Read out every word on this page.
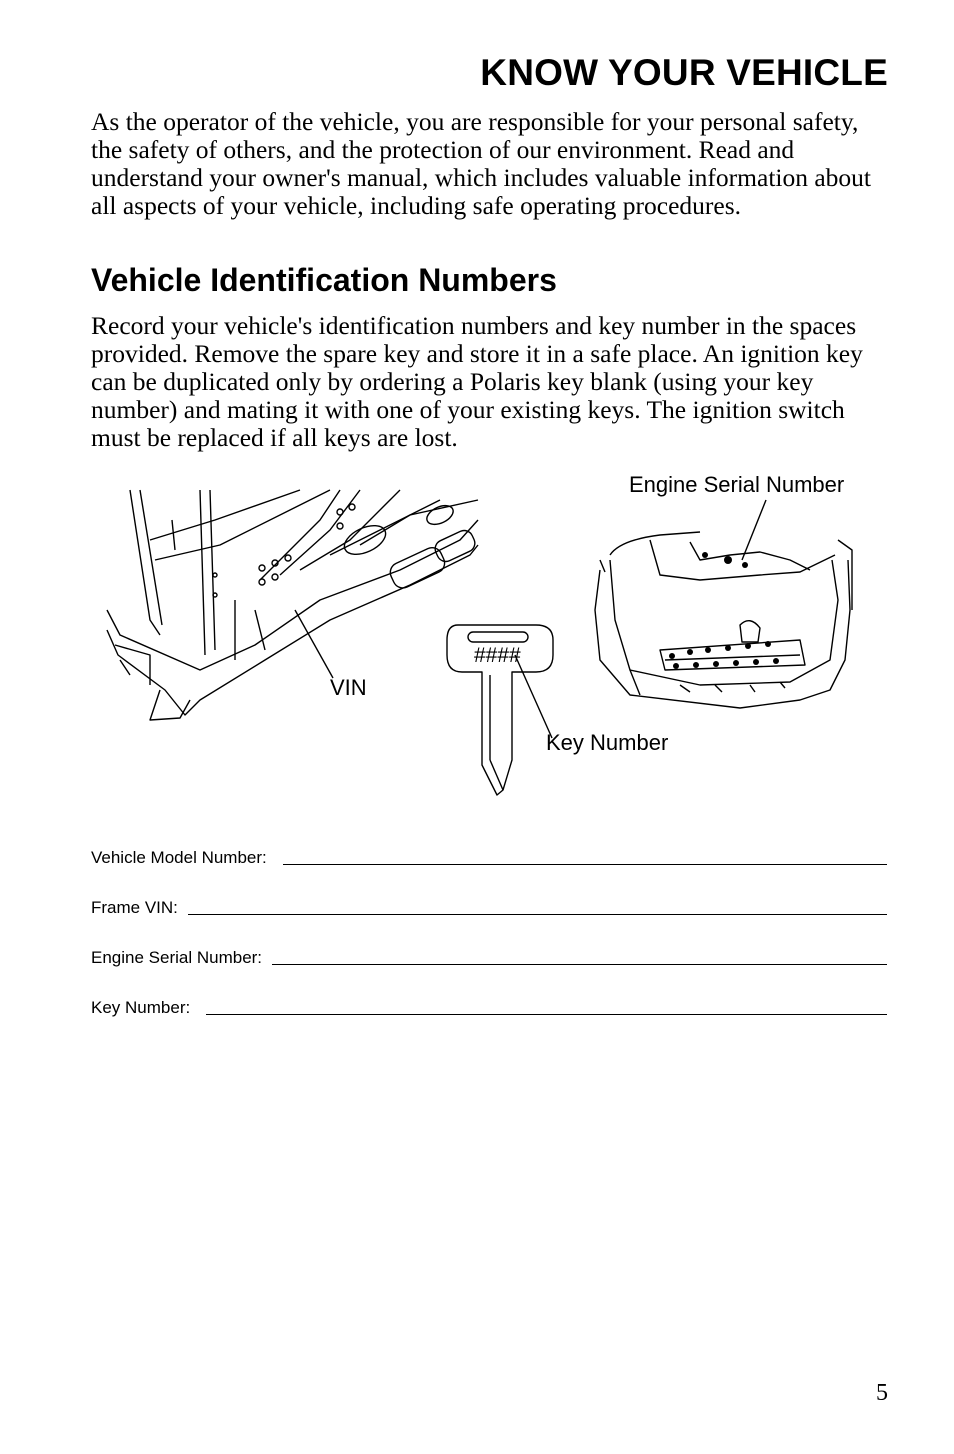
KNOW YOUR VEHICLE

As the operator of the vehicle, you are responsible for your personal safety, the safety of others, and the protection of our environment. Read and understand your owner's manual, which includes valuable information about all aspects of your vehicle, including safe operating procedures.

Vehicle Identification Numbers

Record your vehicle's identification numbers and key number in the spaces provided. Remove the spare key and store it in a safe place. An ignition key can be duplicated only by ordering a Polaris key blank (using your key number) and mating it with one of your existing keys. The ignition switch must be replaced if all keys are lost.

Engine Serial Number
VIN
Key Number
####
Vehicle Model Number:
Frame VIN:
Engine Serial Number:
Key Number:
5
